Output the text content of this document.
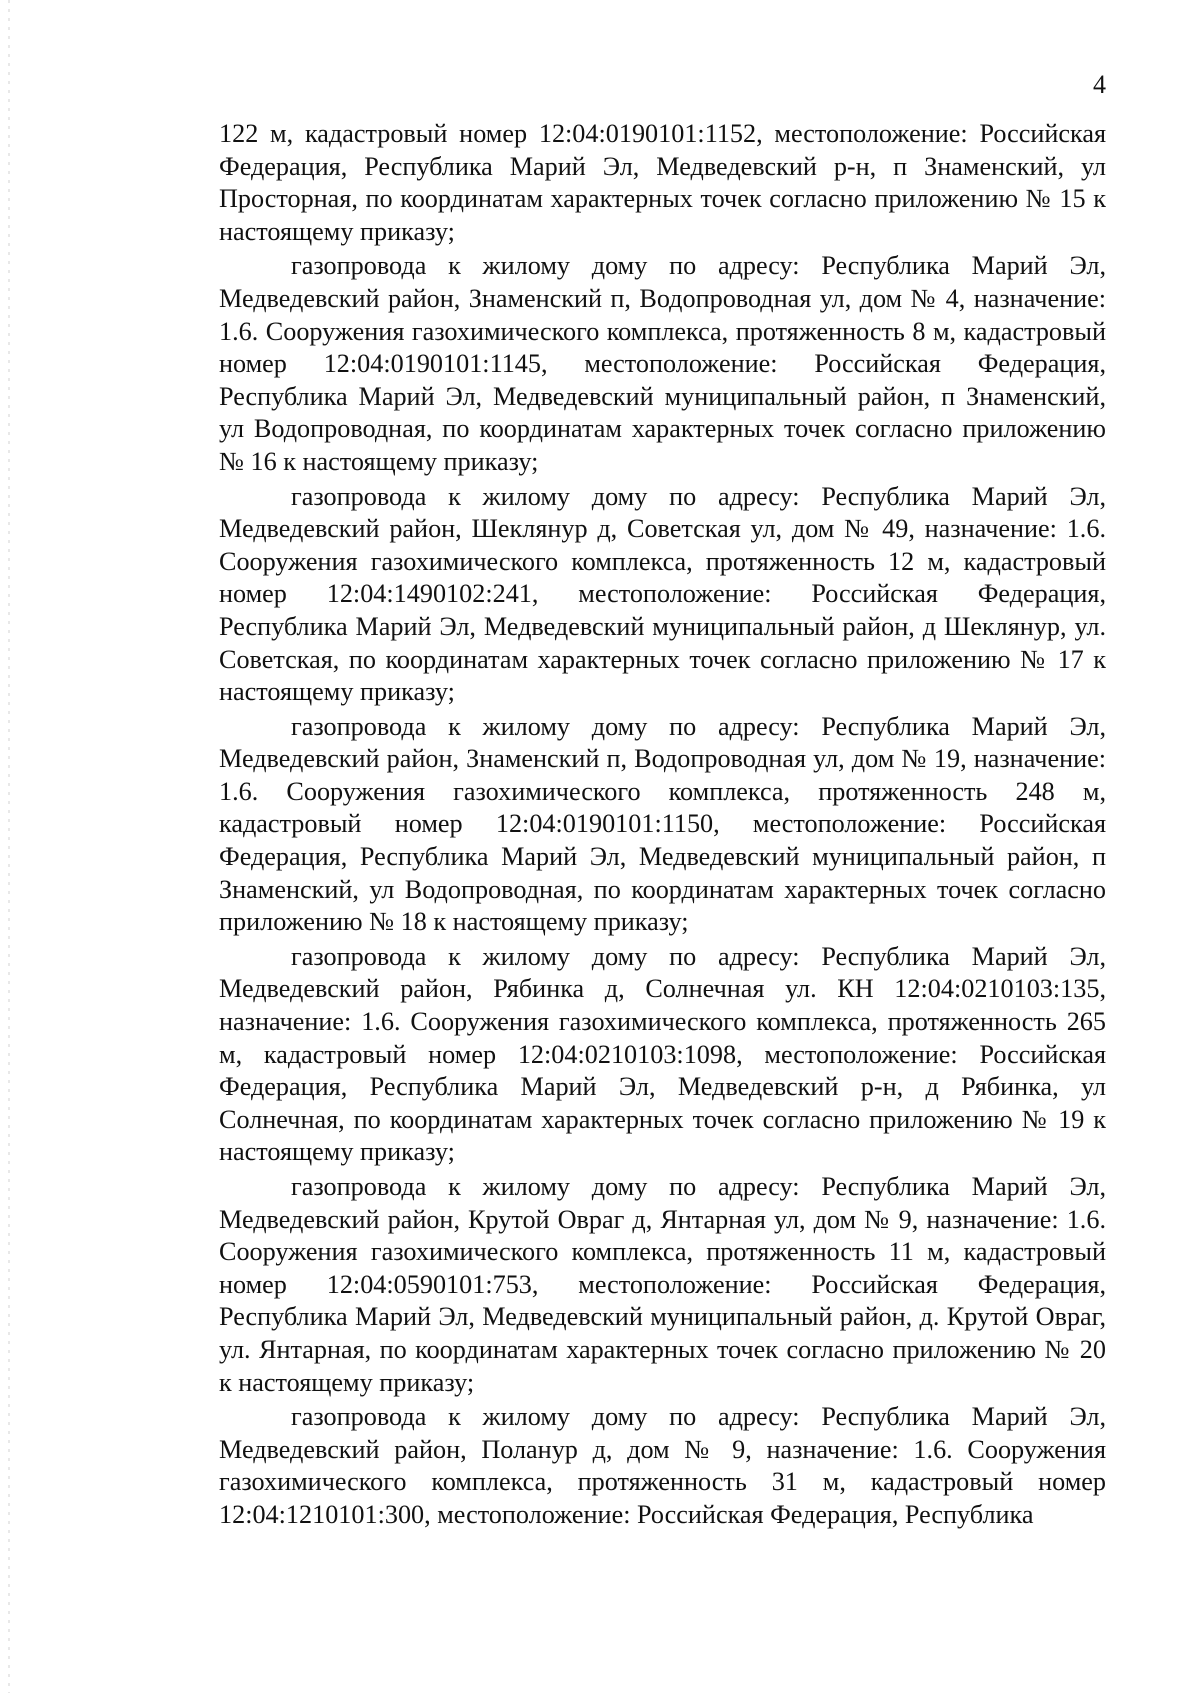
4

122 м, кадастровый номер 12:04:0190101:1152, местоположение: Российская Федерация, Республика Марий Эл, Медведевский р-н, п Знаменский, ул Просторная, по координатам характерных точек согласно приложению № 15 к настоящему приказу;

газопровода к жилому дому по адресу: Республика Марий Эл, Медведевский район, Знаменский п, Водопроводная ул, дом № 4, назначение: 1.6. Сооружения газохимического комплекса, протяженность 8 м, кадастровый номер 12:04:0190101:1145, местоположение: Российская Федерация, Республика Марий Эл, Медведевский муниципальный район, п Знаменский, ул Водопроводная, по координатам характерных точек согласно приложению № 16 к настоящему приказу;

газопровода к жилому дому по адресу: Республика Марий Эл, Медведевский район, Шеклянур д, Советская ул, дом № 49, назначение: 1.6. Сооружения газохимического комплекса, протяженность 12 м, кадастровый номер 12:04:1490102:241, местоположение: Российская Федерация, Республика Марий Эл, Медведевский муниципальный район, д Шеклянур, ул. Советская, по координатам характерных точек согласно приложению № 17 к настоящему приказу;

газопровода к жилому дому по адресу: Республика Марий Эл, Медведевский район, Знаменский п, Водопроводная ул, дом № 19, назначение: 1.6. Сооружения газохимического комплекса, протяженность 248 м, кадастровый номер 12:04:0190101:1150, местоположение: Российская Федерация, Республика Марий Эл, Медведевский муниципальный район, п Знаменский, ул Водопроводная, по координатам характерных точек согласно приложению № 18 к настоящему приказу;

газопровода к жилому дому по адресу: Республика Марий Эл, Медведевский район, Рябинка д, Солнечная ул. КН 12:04:0210103:135, назначение: 1.6. Сооружения газохимического комплекса, протяженность 265 м, кадастровый номер 12:04:0210103:1098, местоположение: Российская Федерация, Республика Марий Эл, Медведевский р-н, д Рябинка, ул Солнечная, по координатам характерных точек согласно приложению № 19 к настоящему приказу;

газопровода к жилому дому по адресу: Республика Марий Эл, Медведевский район, Крутой Овраг д, Янтарная ул, дом № 9, назначение: 1.6. Сооружения газохимического комплекса, протяженность 11 м, кадастровый номер 12:04:0590101:753, местоположение: Российская Федерация, Республика Марий Эл, Медведевский муниципальный район, д. Крутой Овраг, ул. Янтарная, по координатам характерных точек согласно приложению № 20 к настоящему приказу;

газопровода к жилому дому по адресу: Республика Марий Эл, Медведевский район, Поланур д, дом № 9, назначение: 1.6. Сооружения газохимического комплекса, протяженность 31 м, кадастровый номер 12:04:1210101:300, местоположение: Российская Федерация, Республика
